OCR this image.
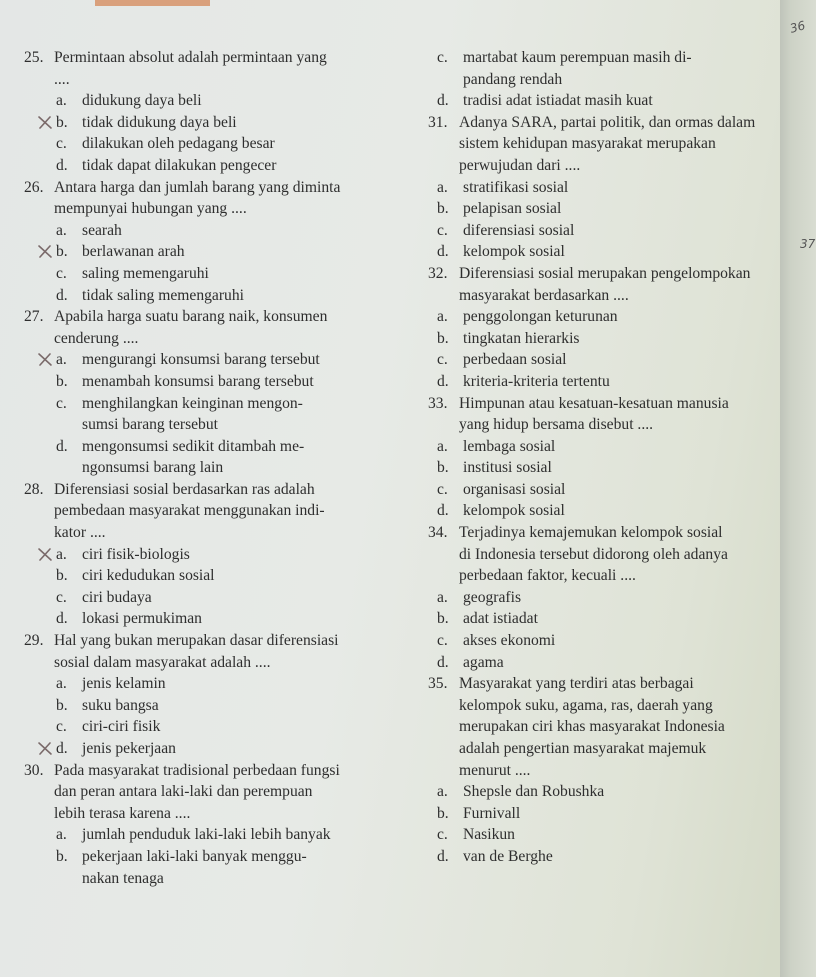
36
37
25. Permintaan absolut adalah permintaan yang
....
a. didukung daya beli
b. tidak didukung daya beli
c. dilakukan oleh pedagang besar
d. tidak dapat dilakukan pengecer
26. Antara harga dan jumlah barang yang diminta
mempunyai hubungan yang ....
a. searah
b. berlawanan arah
c. saling memengaruhi
d. tidak saling memengaruhi
27. Apabila harga suatu barang naik, konsumen
cenderung ....
a. mengurangi konsumsi barang tersebut
b. menambah konsumsi barang tersebut
c. menghilangkan keinginan mengon-
sumsi barang tersebut
d. mengonsumsi sedikit ditambah me-
ngonsumsi barang lain
28. Diferensiasi sosial berdasarkan ras adalah
pembedaan masyarakat menggunakan indi-
kator ....
a. ciri fisik-biologis
b. ciri kedudukan sosial
c. ciri budaya
d. lokasi permukiman
29. Hal yang bukan merupakan dasar diferensiasi
sosial dalam masyarakat adalah ....
a. jenis kelamin
b. suku bangsa
c. ciri-ciri fisik
d. jenis pekerjaan
30. Pada masyarakat tradisional perbedaan fungsi
dan peran antara laki-laki dan perempuan
lebih terasa karena ....
a. jumlah penduduk laki-laki lebih banyak
b. pekerjaan laki-laki banyak menggu-
nakan tenaga
c. martabat kaum perempuan masih di-
pandang rendah
d. tradisi adat istiadat masih kuat
31. Adanya SARA, partai politik, dan ormas dalam
sistem kehidupan masyarakat merupakan
perwujudan dari ....
a. stratifikasi sosial
b. pelapisan sosial
c. diferensiasi sosial
d. kelompok sosial
32. Diferensiasi sosial merupakan pengelompokan
masyarakat berdasarkan ....
a. penggolongan keturunan
b. tingkatan hierarkis
c. perbedaan sosial
d. kriteria-kriteria tertentu
33. Himpunan atau kesatuan-kesatuan manusia
yang hidup bersama disebut ....
a. lembaga sosial
b. institusi sosial
c. organisasi sosial
d. kelompok sosial
34. Terjadinya kemajemukan kelompok sosial
di Indonesia tersebut didorong oleh adanya
perbedaan faktor, kecuali ....
a. geografis
b. adat istiadat
c. akses ekonomi
d. agama
35. Masyarakat yang terdiri atas berbagai
kelompok suku, agama, ras, daerah yang
merupakan ciri khas masyarakat Indonesia
adalah pengertian masyarakat majemuk
menurut ....
a. Shepsle dan Robushka
b. Furnivall
c. Nasikun
d. van de Berghe
